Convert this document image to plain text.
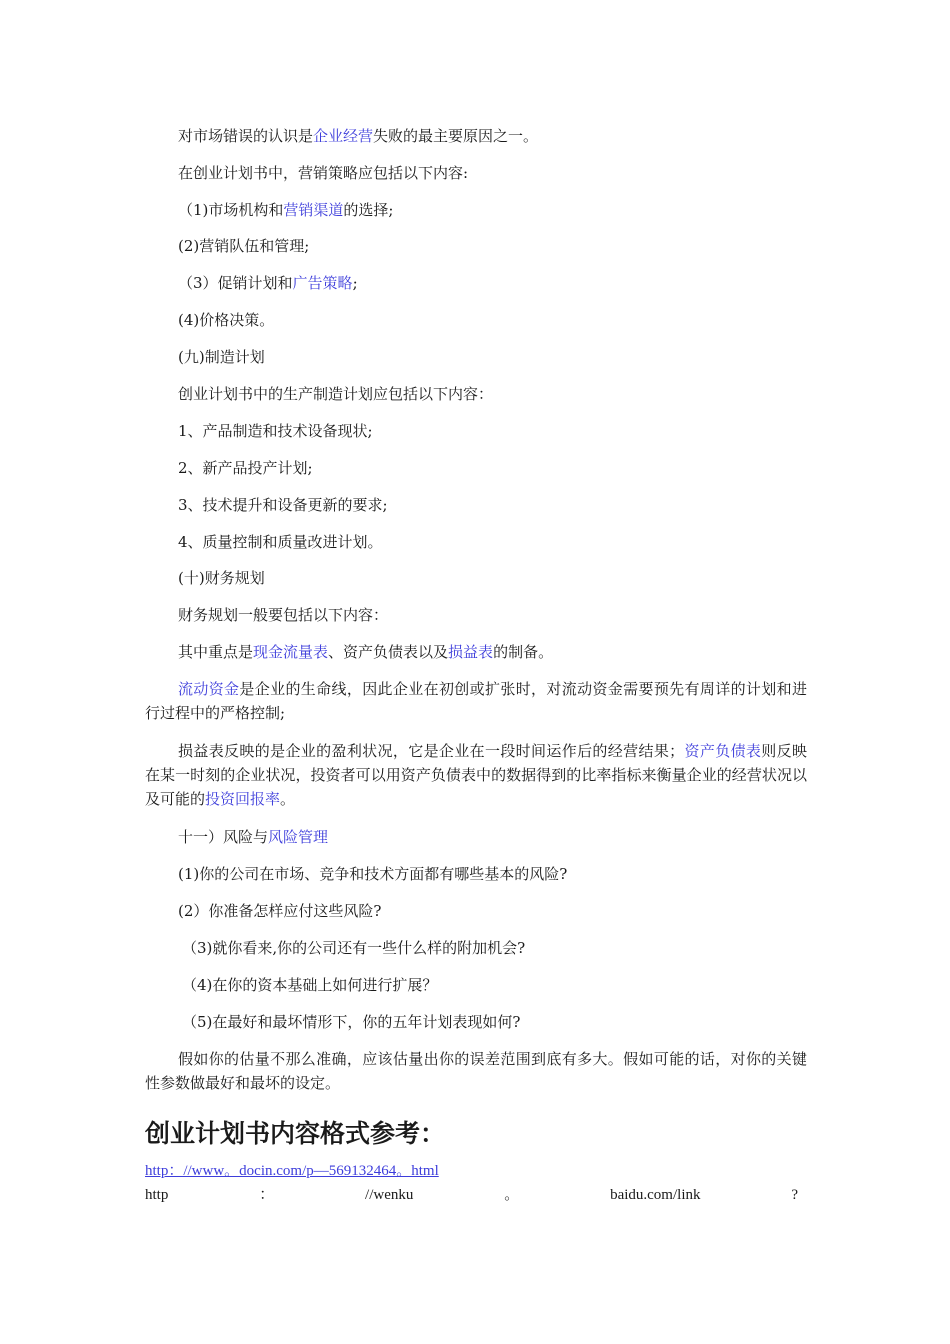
对市场错误的认识是企业经营失败的最主要原因之一。

在创业计划书中，营销策略应包括以下内容:

（1)市场机构和营销渠道的选择;

(2)营销队伍和管理;

（3）促销计划和广告策略;

(4)价格决策。

(九)制造计划

创业计划书中的生产制造计划应包括以下内容：

1、产品制造和技术设备现状;

2、新产品投产计划;

3、技术提升和设备更新的要求;

4、质量控制和质量改进计划。

(十)财务规划

财务规划一般要包括以下内容：

其中重点是现金流量表、资产负债表以及损益表的制备。

流动资金是企业的生命线，因此企业在初创或扩张时，对流动资金需要预先有周详的计划和进行过程中的严格控制;

损益表反映的是企业的盈利状况，它是企业在一段时间运作后的经营结果；资产负债表则反映在某一时刻的企业状况，投资者可以用资产负债表中的数据得到的比率指标来衡量企业的经营状况以及可能的投资回报率。

十一）风险与风险管理

(1)你的公司在市场、竞争和技术方面都有哪些基本的风险?

(2）你准备怎样应付这些风险?

（3)就你看来,你的公司还有一些什么样的附加机会?

（4)在你的资本基础上如何进行扩展？

（5)在最好和最坏情形下，你的五年计划表现如何?

假如你的估量不那么准确，应该估量出你的误差范围到底有多大。假如可能的话，对你的关键性参数做最好和最坏的设定。

创业计划书内容格式参考：
http：//www。docin.com/p—569132464。html
http	：	//wenku	。	baidu.com/link	?
